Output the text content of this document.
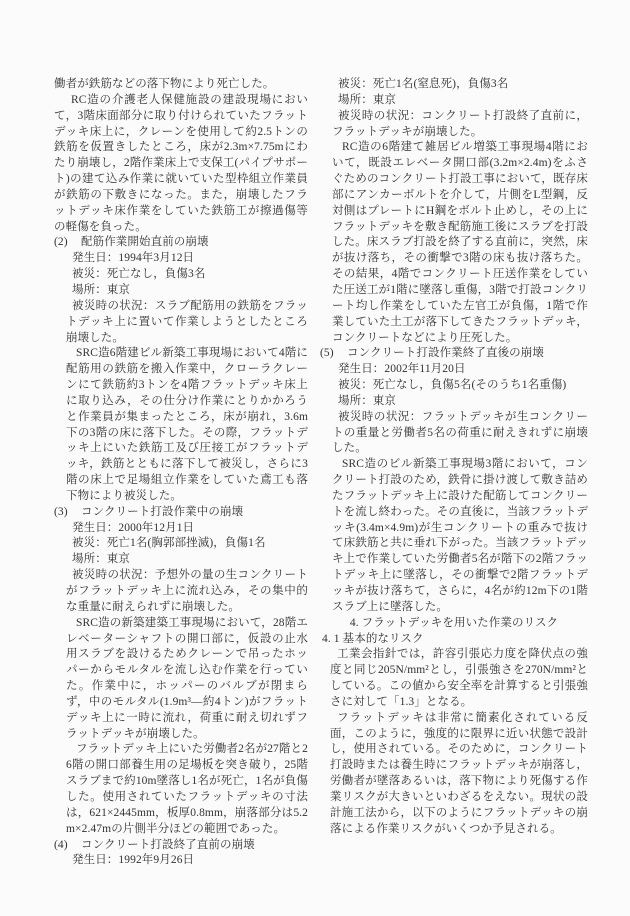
働者が鉄筋などの落下物により死亡した。
RC造の介護老人保健施設の建設現場において，3階床面部分に取り付けられていたフラットデッキ床上に，クレーンを使用して約2.5トンの鉄筋を仮置きしたところ，床が2.3m×7.75mにわたり崩壊し，2階作業床上で支保工(パイプサポート)の建て込み作業に就いていた型枠組立作業員が鉄筋の下敷きになった。また，崩壊したフラットデッキ床作業をしていた鉄筋工が擦過傷等の軽傷を負った。
(2)	配筋作業開始直前の崩壊
発生日：1994年3月12日
被災：死亡なし，負傷3名
場所：東京
被災時の状況：スラブ配筋用の鉄筋をフラットデッキ上に置いて作業しようとしたところ崩壊した。
SRC造6階建ビル新築工事現場において4階に配筋用の鉄筋を搬入作業中，クローラクレーンにて鉄筋約3トンを4階フラットデッキ床上に取り込み，その仕分け作業にとりかかろうと作業員が集まったところ，床が崩れ，3.6m下の3階の床に落下した。その際，フラットデッキ上にいた鉄筋工及び圧接工がフラットデッキ，鉄筋とともに落下して被災し，さらに3階の床上で足場組立作業をしていた鳶工も落下物により被災した。
(3)	コンクリート打設作業中の崩壊
発生日：2000年12月1日
被災：死亡1名(胸郭部挫滅)，負傷1名
場所：東京
被災時の状況：予想外の量の生コンクリートがフラットデッキ上に流れ込み，その集中的な重量に耐えられずに崩壊した。
SRC造の新築建築工事現場において，28階エレベーターシャフトの開口部に，仮設の止水用スラブを設けるためクレーンで吊ったホッパーからモルタルを流し込む作業を行っていた。作業中に，ホッパーのバルブが閉まらず，中のモルタル(1.9m³—約4トン)がフラットデッキ上に一時に流れ，荷重に耐え切れずフラットデッキが崩壊した。
フラットデッキ上にいた労働者2名が27階と26階の開口部養生用の足場板を突き破り，25階スラブまで約10m墜落し1名が死亡，1名が負傷した。使用されていたフラットデッキの寸法は，621×2445mm，板厚0.8mm，崩落部分は5.2m×2.47mの片側半分ほどの範囲であった。
(4)	コンクリート打設終了直前の崩壊
発生日：1992年9月26日
被災：死亡1名(窒息死)，負傷3名
場所：東京
被災時の状況：コンクリート打設終了直前に，フラットデッキが崩壊した。
RC造の6階建て雑居ビル増築工事現場4階において，既設エレベータ開口部(3.2m×2.4m)をふさぐためのコンクリート打設工事において，既存床部にアンカーボルトを介して，片側をL型鋼，反対側はプレートにH鋼をボルト止めし，その上にフラットデッキを敷き配筋施工後にスラブを打設した。床スラブ打設を終了する直前に，突然，床が抜け落ち，その衝撃で3階の床も抜け落ちた。その結果，4階でコンクリート圧送作業をしていた圧送工が1階に墜落し重傷，3階で打設コンクリート均し作業をしていた左官工が負傷，1階で作業していた土工が落下してきたフラットデッキ，コンクリートなどにより圧死した。
(5)	コンクリート打設作業終了直後の崩壊
発生日：2002年11月20日
被災：死亡なし，負傷5名(そのうち1名重傷)
場所：東京
被災時の状況：フラットデッキが生コンクリートの重量と労働者5名の荷重に耐えきれずに崩壊した。
SRC造のビル新築工事現場3階において，コンクリート打設のため，鉄骨に掛け渡して敷き詰めたフラットデッキ上に設けた配筋してコンクリートを流し終わった。その直後に，当該フラットデッキ(3.4m×4.9m)が生コンクリートの重みで抜けて床鉄筋と共に垂れ下がった。当該フラットデッキ上で作業していた労働者5名が階下の2階フラットデッキ上に墜落し，その衝撃で2階フラットデッキが抜け落ちて，さらに，4名が約12m下の1階スラブ上に墜落した。
4. フラットデッキを用いた作業のリスク
4. 1 基本的なリスク
工業会指針では，許容引張応力度を降伏点の強度と同じ205N/mm²とし，引張強さを270N/mm²としている。この値から安全率を計算すると引張強さに対して「1.3」となる。
フラットデッキは非常に簡素化されている反面，このように，強度的に限界に近い状態で設計し，使用されている。そのために，コンクリート打設時または養生時にフラットデッキが崩落し，労働者が墜落あるいは，落下物により死傷する作業リスクが大きいといわざるをえない。現状の設計施工法から，以下のようにフラットデッキの崩落による作業リスクがいくつか予見される。
